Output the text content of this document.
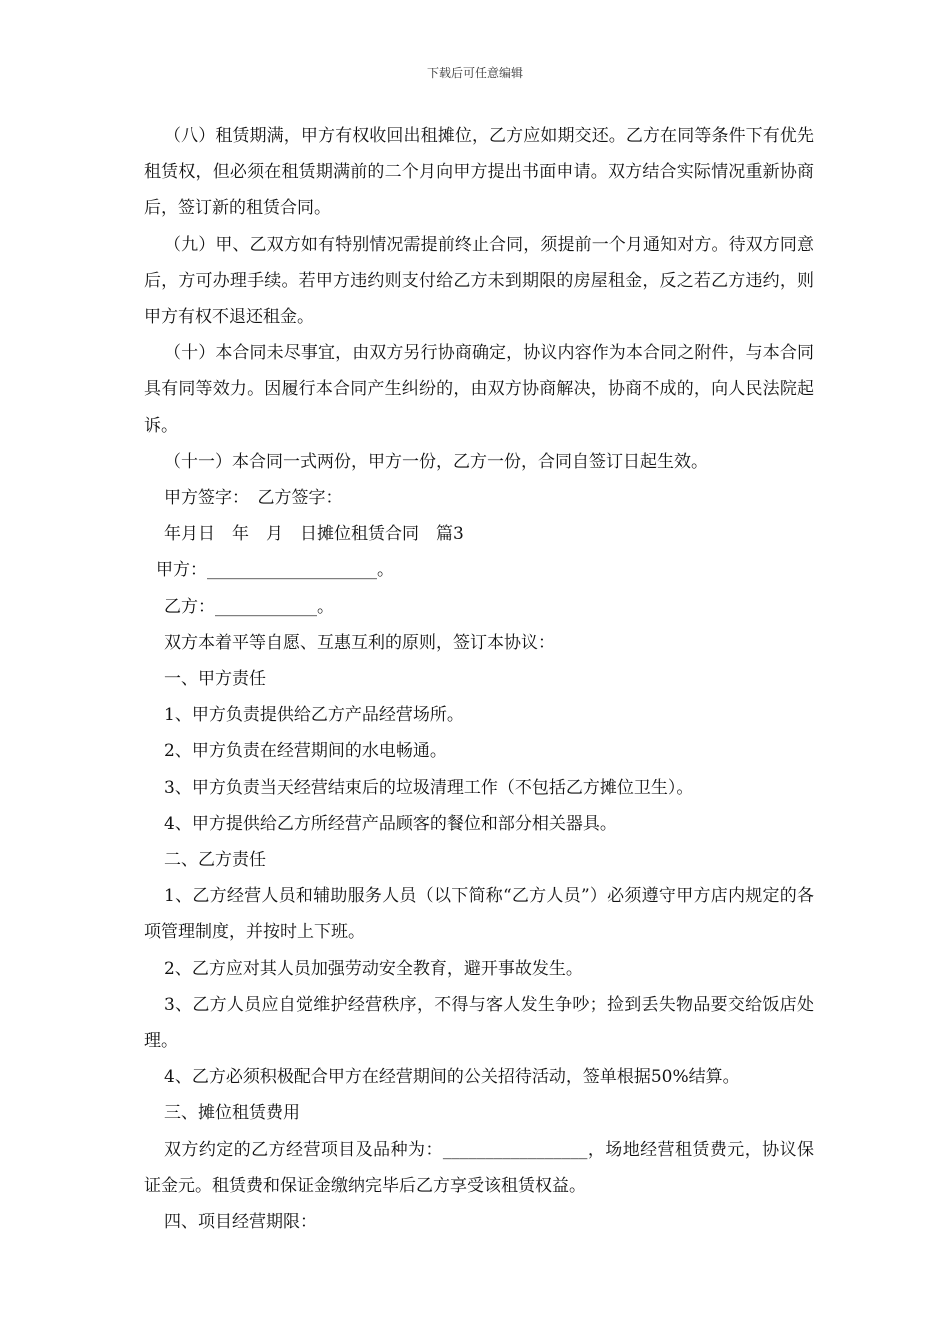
下载后可任意编辑

（八）租赁期满，甲方有权收回出租摊位，乙方应如期交还。乙方在同等条件下有优先租赁权，但必须在租赁期满前的二个月向甲方提出书面申请。双方结合实际情况重新协商后，签订新的租赁合同。

（九）甲、乙双方如有特别情况需提前终止合同，须提前一个月通知对方。待双方同意后，方可办理手续。若甲方违约则支付给乙方未到期限的房屋租金，反之若乙方违约，则甲方有权不退还租金。

（十）本合同未尽事宜，由双方另行协商确定，协议内容作为本合同之附件，与本合同具有同等效力。因履行本合同产生纠纷的，由双方协商解决，协商不成的，向人民法院起诉。

（十一）本合同一式两份，甲方一份，乙方一份，合同自签订日起生效。

甲方签字：　乙方签字：

年月日　年　月　日摊位租赁合同　篇3

甲方：____________________。

乙方：____________。

双方本着平等自愿、互惠互利的原则，签订本协议：

一、甲方责任

1、甲方负责提供给乙方产品经营场所。

2、甲方负责在经营期间的水电畅通。

3、甲方负责当天经营结束后的垃圾清理工作（不包括乙方摊位卫生）。

4、甲方提供给乙方所经营产品顾客的餐位和部分相关器具。

二、乙方责任

1、乙方经营人员和辅助服务人员（以下简称“乙方人员”）必须遵守甲方店内规定的各项管理制度，并按时上下班。

2、乙方应对其人员加强劳动安全教育，避开事故发生。

3、乙方人员应自觉维护经营秩序，不得与客人发生争吵；捡到丢失物品要交给饭店处理。

4、乙方必须积极配合甲方在经营期间的公关招待活动，签单根据50%结算。

三、摊位租赁费用

双方约定的乙方经营项目及品种为：_________________，场地经营租赁费元，协议保证金元。租赁费和保证金缴纳完毕后乙方享受该租赁权益。

四、项目经营期限：
